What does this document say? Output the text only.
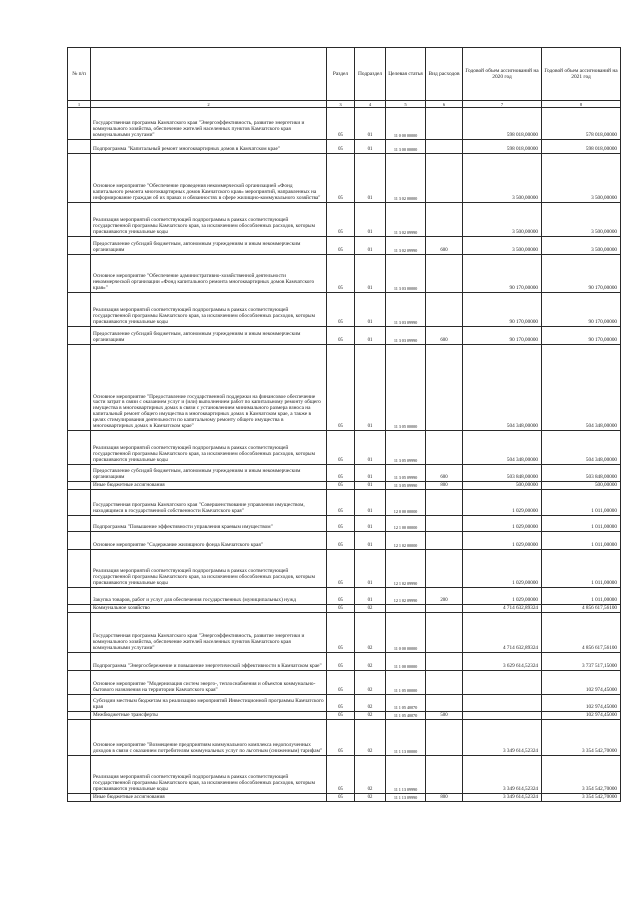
№ п/п		Раздел	Подраздел	Целевая статья	Вид расходов	Годовой объем ассигнований на 2020 год	Годовой объем ассигнований на 2021 год
1	2	3	4	5	6	7	8
	Государственная программа Камчатского края "Энергоэффективность, развитие энергетики и коммунального хозяйства, обеспечение жителей населенных пунктов Камчатского края коммунальными услугами"	05	01	11 0 00 00000		598 018,00000	578 018,00000
	Подпрограмма "Капитальный ремонт многоквартирных домов в Камчатском крае"	05	01	11 3 00 00000		598 018,00000	598 018,00000
	Основное мероприятие "Обеспечение проведения некоммерческой организацией «Фонд капитального ремонта многоквартирных домов Камчатского края» мероприятий, направленных на информирование граждан об их правах и обязанностях в сфере жилищно-коммунального хозяйства"	05	01	11 3 02 00000		3 500,00000	3 500,00000
	Реализация мероприятий соответствующей подпрограммы в рамках соответствующей государственной программы Камчатского края, за исключением обособленных расходов, которым присваиваются уникальные коды	05	01	11 3 02 09990		3 500,00000	3 500,00000
	Предоставление субсидий бюджетным, автономным учреждениям и иным некоммерческим организациям	05	01	11 3 02 09990	600	3 500,00000	3 500,00000
	Основное мероприятие "Обеспечение административно-хозяйственной деятельности некоммерческой организации «Фонд капитального ремонта многоквартирных домов Камчатского края»"	05	01	11 3 03 00000		90 170,00000	90 170,00000
	Реализация мероприятий соответствующей подпрограммы в рамках соответствующей государственной программы Камчатского края, за исключением обособленных расходов, которым присваиваются уникальные коды	05	01	11 3 03 09990		90 170,00000	90 170,00000
	Предоставление субсидий бюджетным, автономным учреждениям и иным некоммерческим организациям	05	01	11 3 03 09990	600	90 170,00000	90 170,00000
	Основное мероприятие "Предоставление государственной поддержки на финансовое обеспечение части затрат в связи с оказанием услуг и (или) выполнением работ по капитальному ремонту общего имущества в многоквартирных домах в связи с установлением минимального размера взноса на капитальный ремонт общего имущества в многоквартирных домах в Камчатском крае, а также в целях стимулирования деятельности по капитальному ремонту общего имущества в многоквартирных домах в Камчатском крае"	05	01	11 3 05 00000		504 348,00000	504 348,00000
	Реализация мероприятий соответствующей подпрограммы в рамках соответствующей государственной программы Камчатского края, за исключением обособленных расходов, которым присваиваются уникальные коды	05	01	11 3 05 09990		504 348,00000	504 348,00000
	Предоставление субсидий бюджетным, автономным учреждениям и иным некоммерческим организациям	05	01	11 3 05 09990	600	503 848,00000	503 848,00000
	Иные бюджетные ассигнования	05	01	11 3 05 09990	800	500,00000	500,00000
	Государственная программа Камчатского края "Совершенствование управления имуществом, находящимся в государственной собственности Камчатского края"	05	01	12 0 00 00000		1 029,00000	1 011,00000
	Подпрограмма "Повышение эффективности управления краевым имуществом"	05	01	12 1 00 00000		1 029,00000	1 011,00000
	Основное мероприятие "Содержание жилищного фонда Камчатского края"	05	01	12 1 02 00000		1 029,00000	1 011,00000
	Реализация мероприятий соответствующей подпрограммы в рамках соответствующей государственной программы Камчатского края, за исключением обособленных расходов, которым присваиваются уникальные коды	05	01	12 1 02 09990		1 029,00000	1 011,00000
	Закупка товаров, работ и услуг для обеспечения государственных (муниципальных) нужд	05	01	12 1 02 09990	200	1 029,00000	1 011,00000
	Коммунальное хозяйство	05	02			4 714 632,89324	4 856 617,56100
	Государственная программа Камчатского края "Энергоэффективность, развитие энергетики и коммунального хозяйства, обеспечение жителей населенных пунктов Камчатского края коммунальными услугами"	05	02	11 0 00 00000		4 714 632,89324	4 856 617,56100
	Подпрограмма "Энергосбережение и повышение энергетической эффективности в Камчатском крае"	05	02	11 1 00 00000		3 629 614,52324	3 737 517,15000
	Основное мероприятие "Модернизация систем энерго-, теплоснабжения и объектов коммунально-бытового назначения на территории Камчатского края"	05	02	11 1 05 00000			102 974,45000
	Субсидии местным бюджетам на реализацию мероприятий Инвестиционной программы Камчатского края	05	02	11 1 05 40070			102 974,45000
	Межбюджетные трансферты	05	02	11 1 05 40070	500		102 974,45000
	Основное мероприятие "Возмещение предприятиям коммунального комплекса недополученных доходов в связи с оказанием потребителям коммунальных услуг по льготным (сниженным) тарифам"	05	02	11 1 13 00000		3 349 614,52324	3 354 542,70000
	Реализация мероприятий соответствующей подпрограммы в рамках соответствующей государственной программы Камчатского края, за исключением обособленных расходов, которым присваиваются уникальные коды	05	02	11 1 13 09990		3 349 614,52324	3 354 542,70000
	Иные бюджетные ассигнования	05	02	11 1 13 09990	800	3 349 614,52324	3 354 542,70000
